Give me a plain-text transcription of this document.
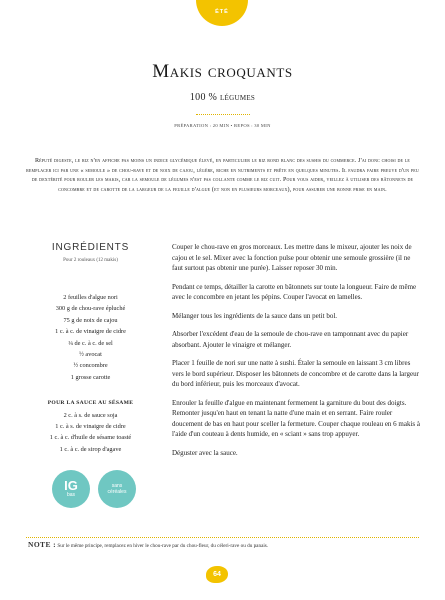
ÉTÉ
Makis croquants
100 % légumes
PRÉPARATION : 20 MIN • REPOS : 30 MIN
Réputé digeste, le riz n'en affiche pas moins un indice glycémique élevé, en particulier le riz rond blanc des sushis du commerce. J'ai donc choisi de le remplacer ici par une « semoule » de chou-rave et de noix de cajou, légère, riche en nutriments et prête en quelques minutes. Il faudra faire preuve d'un peu de dextérité pour rouler les makis, car la semoule de légumes n'est pas collante comme le riz cuit. Pour vous aider, veillez à utiliser des bâtonnets de concombre et de carotte de la largeur de la feuille d'algue (et non en plusieurs morceaux), pour assurer une bonne prise en main.
INGRÉDIENTS
Pour 2 rouleaux (12 makis)
2 feuilles d'algue nori
300 g de chou-rave épluché
75 g de noix de cajou
1 c. à c. de vinaigre de cidre
¼ de c. à c. de sel
½ avocat
½ concombre
1 grosse carotte
POUR LA SAUCE AU SÉSAME
2 c. à s. de sauce soja
1 c. à s. de vinaigre de cidre
1 c. à c. d'huile de sésame toasté
1 c. à c. de sirop d'agave
IG
bas
sans
céréales

Couper le chou-rave en gros morceaux. Les mettre dans le mixeur, ajouter les noix de cajou et le sel. Mixer avec la fonction pulse pour obtenir une semoule grossière (il ne faut surtout pas obtenir une purée). Laisser reposer 30 min.

Pendant ce temps, détailler la carotte en bâtonnets sur toute la longueur. Faire de même avec le concombre en jetant les pépins. Couper l'avocat en lamelles.

Mélanger tous les ingrédients de la sauce dans un petit bol.

Absorber l'excédent d'eau de la semoule de chou-rave en tamponnant avec du papier absorbant. Ajouter le vinaigre et mélanger.

Placer 1 feuille de nori sur une natte à sushi. Étaler la semoule en laissant 3 cm libres vers le bord supérieur. Disposer les bâtonnets de concombre et de carotte dans la largeur du bord inférieur, puis les morceaux d'avocat.

Enrouler la feuille d'algue en maintenant fermement la garniture du bout des doigts. Remonter jusqu'en haut en tenant la natte d'une main et en serrant. Faire rouler doucement de bas en haut pour sceller la fermeture. Couper chaque rouleau en 6 makis à l'aide d'un couteau à dents humide, en « sciant » sans trop appuyer.

Déguster avec la sauce.

NOTE : Sur le même principe, remplacez en hiver le chou-rave par du chou-fleur, du céleri-rave ou du panais.
64
